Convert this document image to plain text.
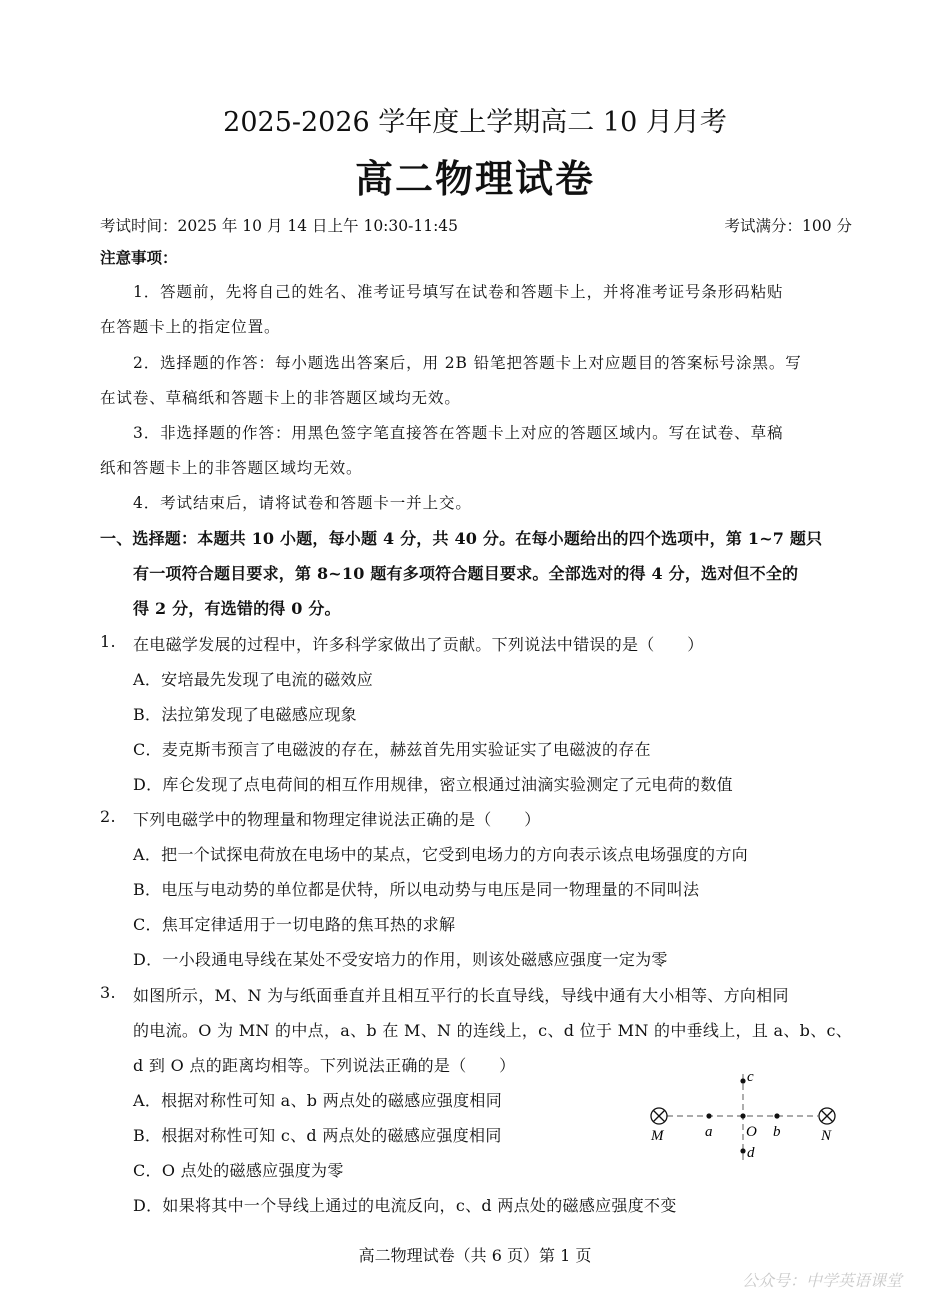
2025-2026 学年度上学期高二 10 月月考
高二物理试卷
考试时间：2025 年 10 月 14 日上午 10:30-11:45	考试满分：100 分
注意事项：
1．答题前，先将自己的姓名、准考证号填写在试卷和答题卡上，并将准考证号条形码粘贴
在答题卡上的指定位置。
2．选择题的作答：每小题选出答案后，用 2B 铅笔把答题卡上对应题目的答案标号涂黑。写
在试卷、草稿纸和答题卡上的非答题区域均无效。
3．非选择题的作答：用黑色签字笔直接答在答题卡上对应的答题区域内。写在试卷、草稿
纸和答题卡上的非答题区域均无效。
4．考试结束后，请将试卷和答题卡一并上交。
一、选择题：本题共 10 小题，每小题 4 分，共 40 分。在每小题给出的四个选项中，第 1~7 题只
有一项符合题目要求，第 8~10 题有多项符合题目要求。全部选对的得 4 分，选对但不全的
得 2 分，有选错的得 0 分。
1. 在电磁学发展的过程中，许多科学家做出了贡献。下列说法中错误的是（　　）
A．安培最先发现了电流的磁效应
B．法拉第发现了电磁感应现象
C．麦克斯韦预言了电磁波的存在，赫兹首先用实验证实了电磁波的存在
D．库仑发现了点电荷间的相互作用规律，密立根通过油滴实验测定了元电荷的数值
2. 下列电磁学中的物理量和物理定律说法正确的是（　　）
A．把一个试探电荷放在电场中的某点，它受到电场力的方向表示该点电场强度的方向
B．电压与电动势的单位都是伏特，所以电动势与电压是同一物理量的不同叫法
C．焦耳定律适用于一切电路的焦耳热的求解
D．一小段通电导线在某处不受安培力的作用，则该处磁感应强度一定为零
3. 如图所示，M、N 为与纸面垂直并且相互平行的长直导线，导线中通有大小相等、方向相同
的电流。O 为 MN 的中点，a、b 在 M、N 的连线上，c、d 位于 MN 的中垂线上，且 a、b、c、
d 到 O 点的距离均相等。下列说法正确的是（　　）
A．根据对称性可知 a、b 两点处的磁感应强度相同
B．根据对称性可知 c、d 两点处的磁感应强度相同
C．O 点处的磁感应强度为零
D．如果将其中一个导线上通过的电流反向，c、d 两点处的磁感应强度不变
M	N
a O b
c
d
高二物理试卷（共 6 页）第 1 页
公众号：中学英语课堂
